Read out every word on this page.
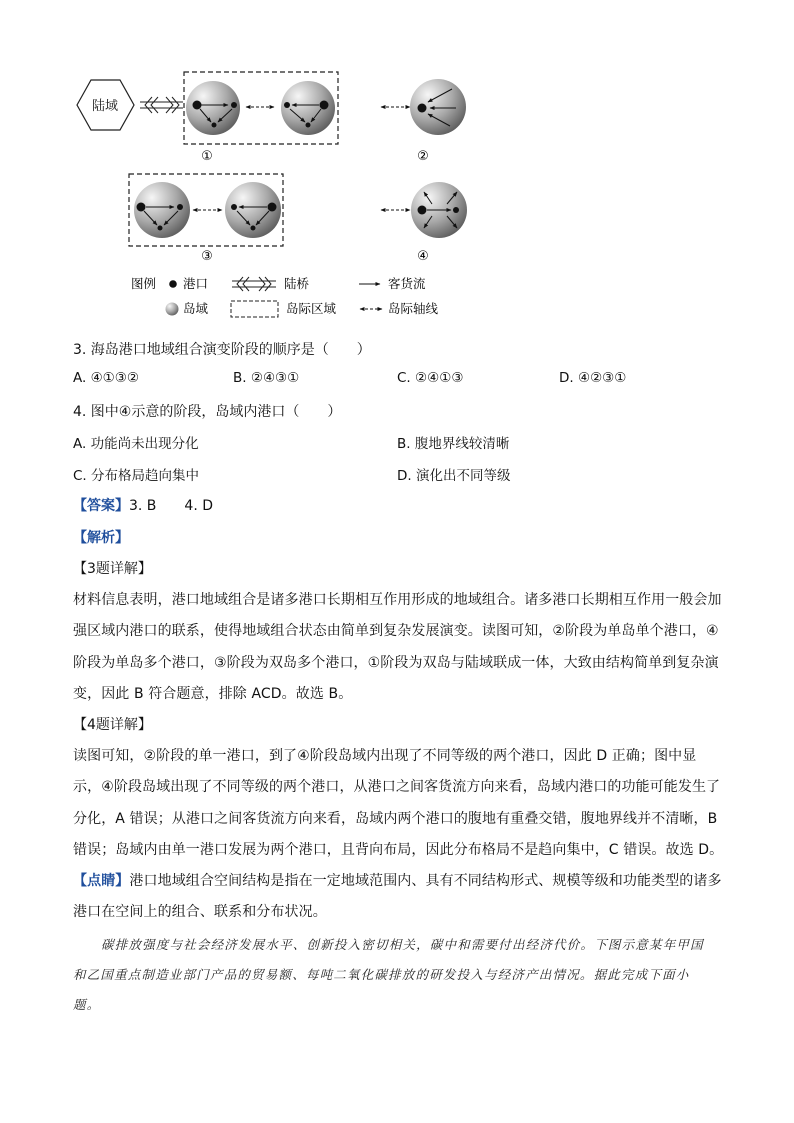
陆域
①	②
③	④
图例 港口	陆桥	客货流
岛域	岛际区域	岛际轴线
3. 海岛港口地域组合演变阶段的顺序是（　　）
A. ④①③②	B. ②④③①	C. ②④①③	D. ④②③①
4. 图中④示意的阶段，岛域内港口（　　）
A. 功能尚未出现分化	B. 腹地界线较清晰
C. 分布格局趋向集中	D. 演化出不同等级
【答案】3. B　　4. D
【解析】
【3题详解】
材料信息表明，港口地域组合是诸多港口长期相互作用形成的地域组合。诸多港口长期相互作用一般会加
强区域内港口的联系，使得地域组合状态由简单到复杂发展演变。读图可知，②阶段为单岛单个港口，④
阶段为单岛多个港口，③阶段为双岛多个港口，①阶段为双岛与陆域联成一体，大致由结构简单到复杂演
变，因此 B 符合题意，排除 ACD。故选 B。
【4题详解】
读图可知，②阶段的单一港口，到了④阶段岛域内出现了不同等级的两个港口，因此 D 正确；图中显
示，④阶段岛域出现了不同等级的两个港口，从港口之间客货流方向来看，岛域内港口的功能可能发生了
分化，A 错误；从港口之间客货流方向来看，岛域内两个港口的腹地有重叠交错，腹地界线并不清晰，B
错误；岛域内由单一港口发展为两个港口，且背向布局，因此分布格局不是趋向集中，C 错误。故选 D。
【点睛】港口地域组合空间结构是指在一定地域范围内、具有不同结构形式、规模等级和功能类型的诸多
港口在空间上的组合、联系和分布状况。
碳排放强度与社会经济发展水平、创新投入密切相关，碳中和需要付出经济代价。下图示意某年甲国
和乙国重点制造业部门产品的贸易额、每吨二氧化碳排放的研发投入与经济产出情况。据此完成下面小
题。
